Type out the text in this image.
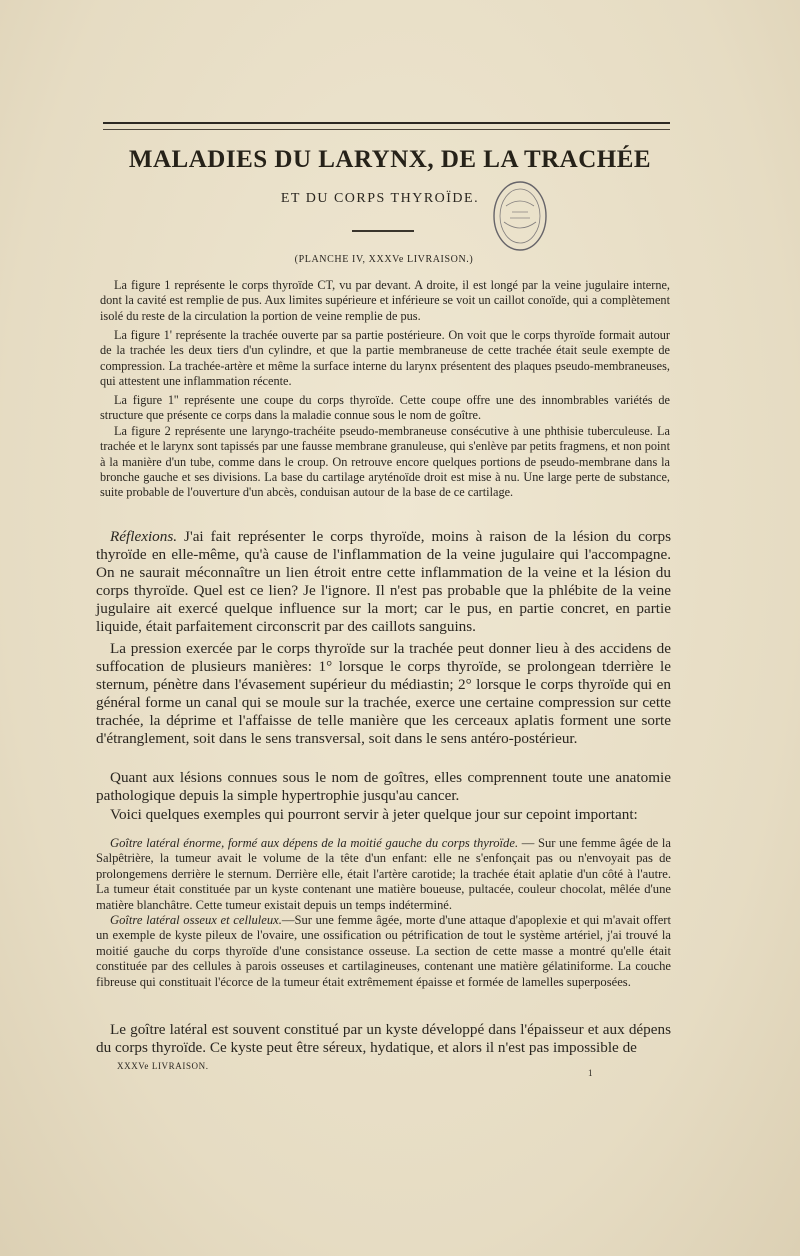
MALADIES DU LARYNX, DE LA TRACHÉE
ET DU CORPS THYROÏDE.
(PLANCHE IV, XXXVe LIVRAISON.)
La figure 1 représente le corps thyroïde CT, vu par devant. A droite, il est longé par la veine jugulaire interne, dont la cavité est remplie de pus. Aux limites supérieure et inférieure se voit un caillot conoïde, qui a complètement isolé du reste de la circulation la portion de veine remplie de pus.
La figure 1' représente la trachée ouverte par sa partie postérieure. On voit que le corps thyroïde formait autour de la trachée les deux tiers d'un cylindre, et que la partie membraneuse de cette trachée était seule exempte de compression. La trachée-artère et même la surface interne du larynx présentent des plaques pseudo-membraneuses, qui attestent une inflammation récente.
La figure 1'' représente une coupe du corps thyroïde. Cette coupe offre une des innombrables variétés de structure que présente ce corps dans la maladie connue sous le nom de goître.
La figure 2 représente une laryngo-trachéite pseudo-membraneuse consécutive à une phthisie tuberculeuse. La trachée et le larynx sont tapissés par une fausse membrane granuleuse, qui s'enlève par petits fragmens, et non point à la manière d'un tube, comme dans le croup. On retrouve encore quelques portions de pseudo-membrane dans la bronche gauche et ses divisions. La base du cartilage aryténoïde droit est mise à nu. Une large perte de substance, suite probable de l'ouverture d'un abcès, conduisan autour de la base de ce cartilage.
Réflexions. J'ai fait représenter le corps thyroïde, moins à raison de la lésion du corps thyroïde en elle-même, qu'à cause de l'inflammation de la veine jugulaire qui l'accompagne. On ne saurait méconnaître un lien étroit entre cette inflammation de la veine et la lésion du corps thyroïde. Quel est ce lien? Je l'ignore. Il n'est pas probable que la phlébite de la veine jugulaire ait exercé quelque influence sur la mort; car le pus, en partie concret, en partie liquide, était parfaitement circonscrit par des caillots sanguins.
La pression exercée par le corps thyroïde sur la trachée peut donner lieu à des accidens de suffocation de plusieurs manières: 1° lorsque le corps thyroïde, se prolongean tderrière le sternum, pénètre dans l'évasement supérieur du médiastin; 2° lorsque le corps thyroïde qui en général forme un canal qui se moule sur la trachée, exerce une certaine compression sur cette trachée, la déprime et l'affaisse de telle manière que les cerceaux aplatis forment une sorte d'étranglement, soit dans le sens transversal, soit dans le sens antéro-postérieur.
Quant aux lésions connues sous le nom de goîtres, elles comprennent toute une anatomie pathologique depuis la simple hypertrophie jusqu'au cancer.
Voici quelques exemples qui pourront servir à jeter quelque jour sur cepoint important:
Goître latéral énorme, formé aux dépens de la moitié gauche du corps thyroïde. — Sur une femme âgée de la Salpêtrière, la tumeur avait le volume de la tête d'un enfant: elle ne s'enfonçait pas ou n'envoyait pas de prolongemens derrière le sternum. Derrière elle, était l'artère carotide; la trachée était aplatie d'un côté à l'autre. La tumeur était constituée par un kyste contenant une matière boueuse, pultacée, couleur chocolat, mêlée d'une matière blanchâtre. Cette tumeur existait depuis un temps indéterminé.
Goître latéral osseux et celluleux.—Sur une femme âgée, morte d'une attaque d'apoplexie et qui m'avait offert un exemple de kyste pileux de l'ovaire, une ossification ou pétrification de tout le système artériel, j'ai trouvé la moitié gauche du corps thyroïde d'une consistance osseuse. La section de cette masse a montré qu'elle était constituée par des cellules à parois osseuses et cartilagineuses, contenant une matière gélatiniforme. La couche fibreuse qui constituait l'écorce de la tumeur était extrêmement épaisse et formée de lamelles superposées.
Le goître latéral est souvent constitué par un kyste développé dans l'épaisseur et aux dépens du corps thyroïde. Ce kyste peut être séreux, hydatique, et alors il n'est pas impossible de
XXXVe LIVRAISON.
1
